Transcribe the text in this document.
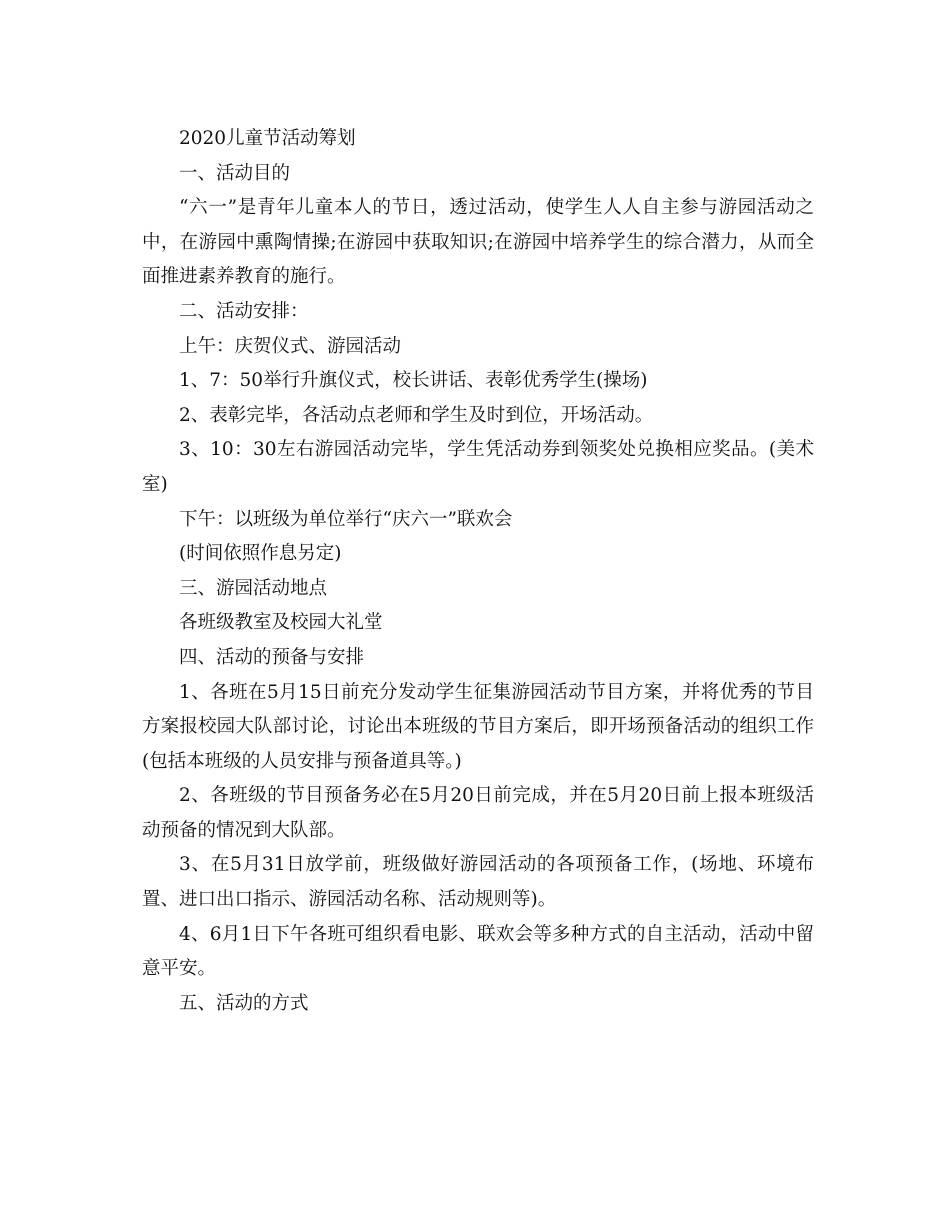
2020儿童节活动筹划

一、活动目的

“六一”是青年儿童本人的节日，透过活动，使学生人人自主参与游园活动之中，在游园中熏陶情操;在游园中获取知识;在游园中培养学生的综合潜力，从而全面推进素养教育的施行。

二、活动安排：

上午：庆贺仪式、游园活动

1、7：50举行升旗仪式，校长讲话、表彰优秀学生(操场)

2、表彰完毕，各活动点老师和学生及时到位，开场活动。

3、10：30左右游园活动完毕，学生凭活动券到领奖处兑换相应奖品。(美术室)

下午：以班级为单位举行“庆六一”联欢会

(时间依照作息另定)

三、游园活动地点

各班级教室及校园大礼堂

四、活动的预备与安排

1、各班在5月15日前充分发动学生征集游园活动节目方案，并将优秀的节目方案报校园大队部讨论，讨论出本班级的节目方案后，即开场预备活动的组织工作(包括本班级的人员安排与预备道具等。)

2、各班级的节目预备务必在5月20日前完成，并在5月20日前上报本班级活动预备的情况到大队部。

3、在5月31日放学前，班级做好游园活动的各项预备工作，(场地、环境布置、进口出口指示、游园活动名称、活动规则等)。

4、6月1日下午各班可组织看电影、联欢会等多种方式的自主活动，活动中留意平安。

五、活动的方式
